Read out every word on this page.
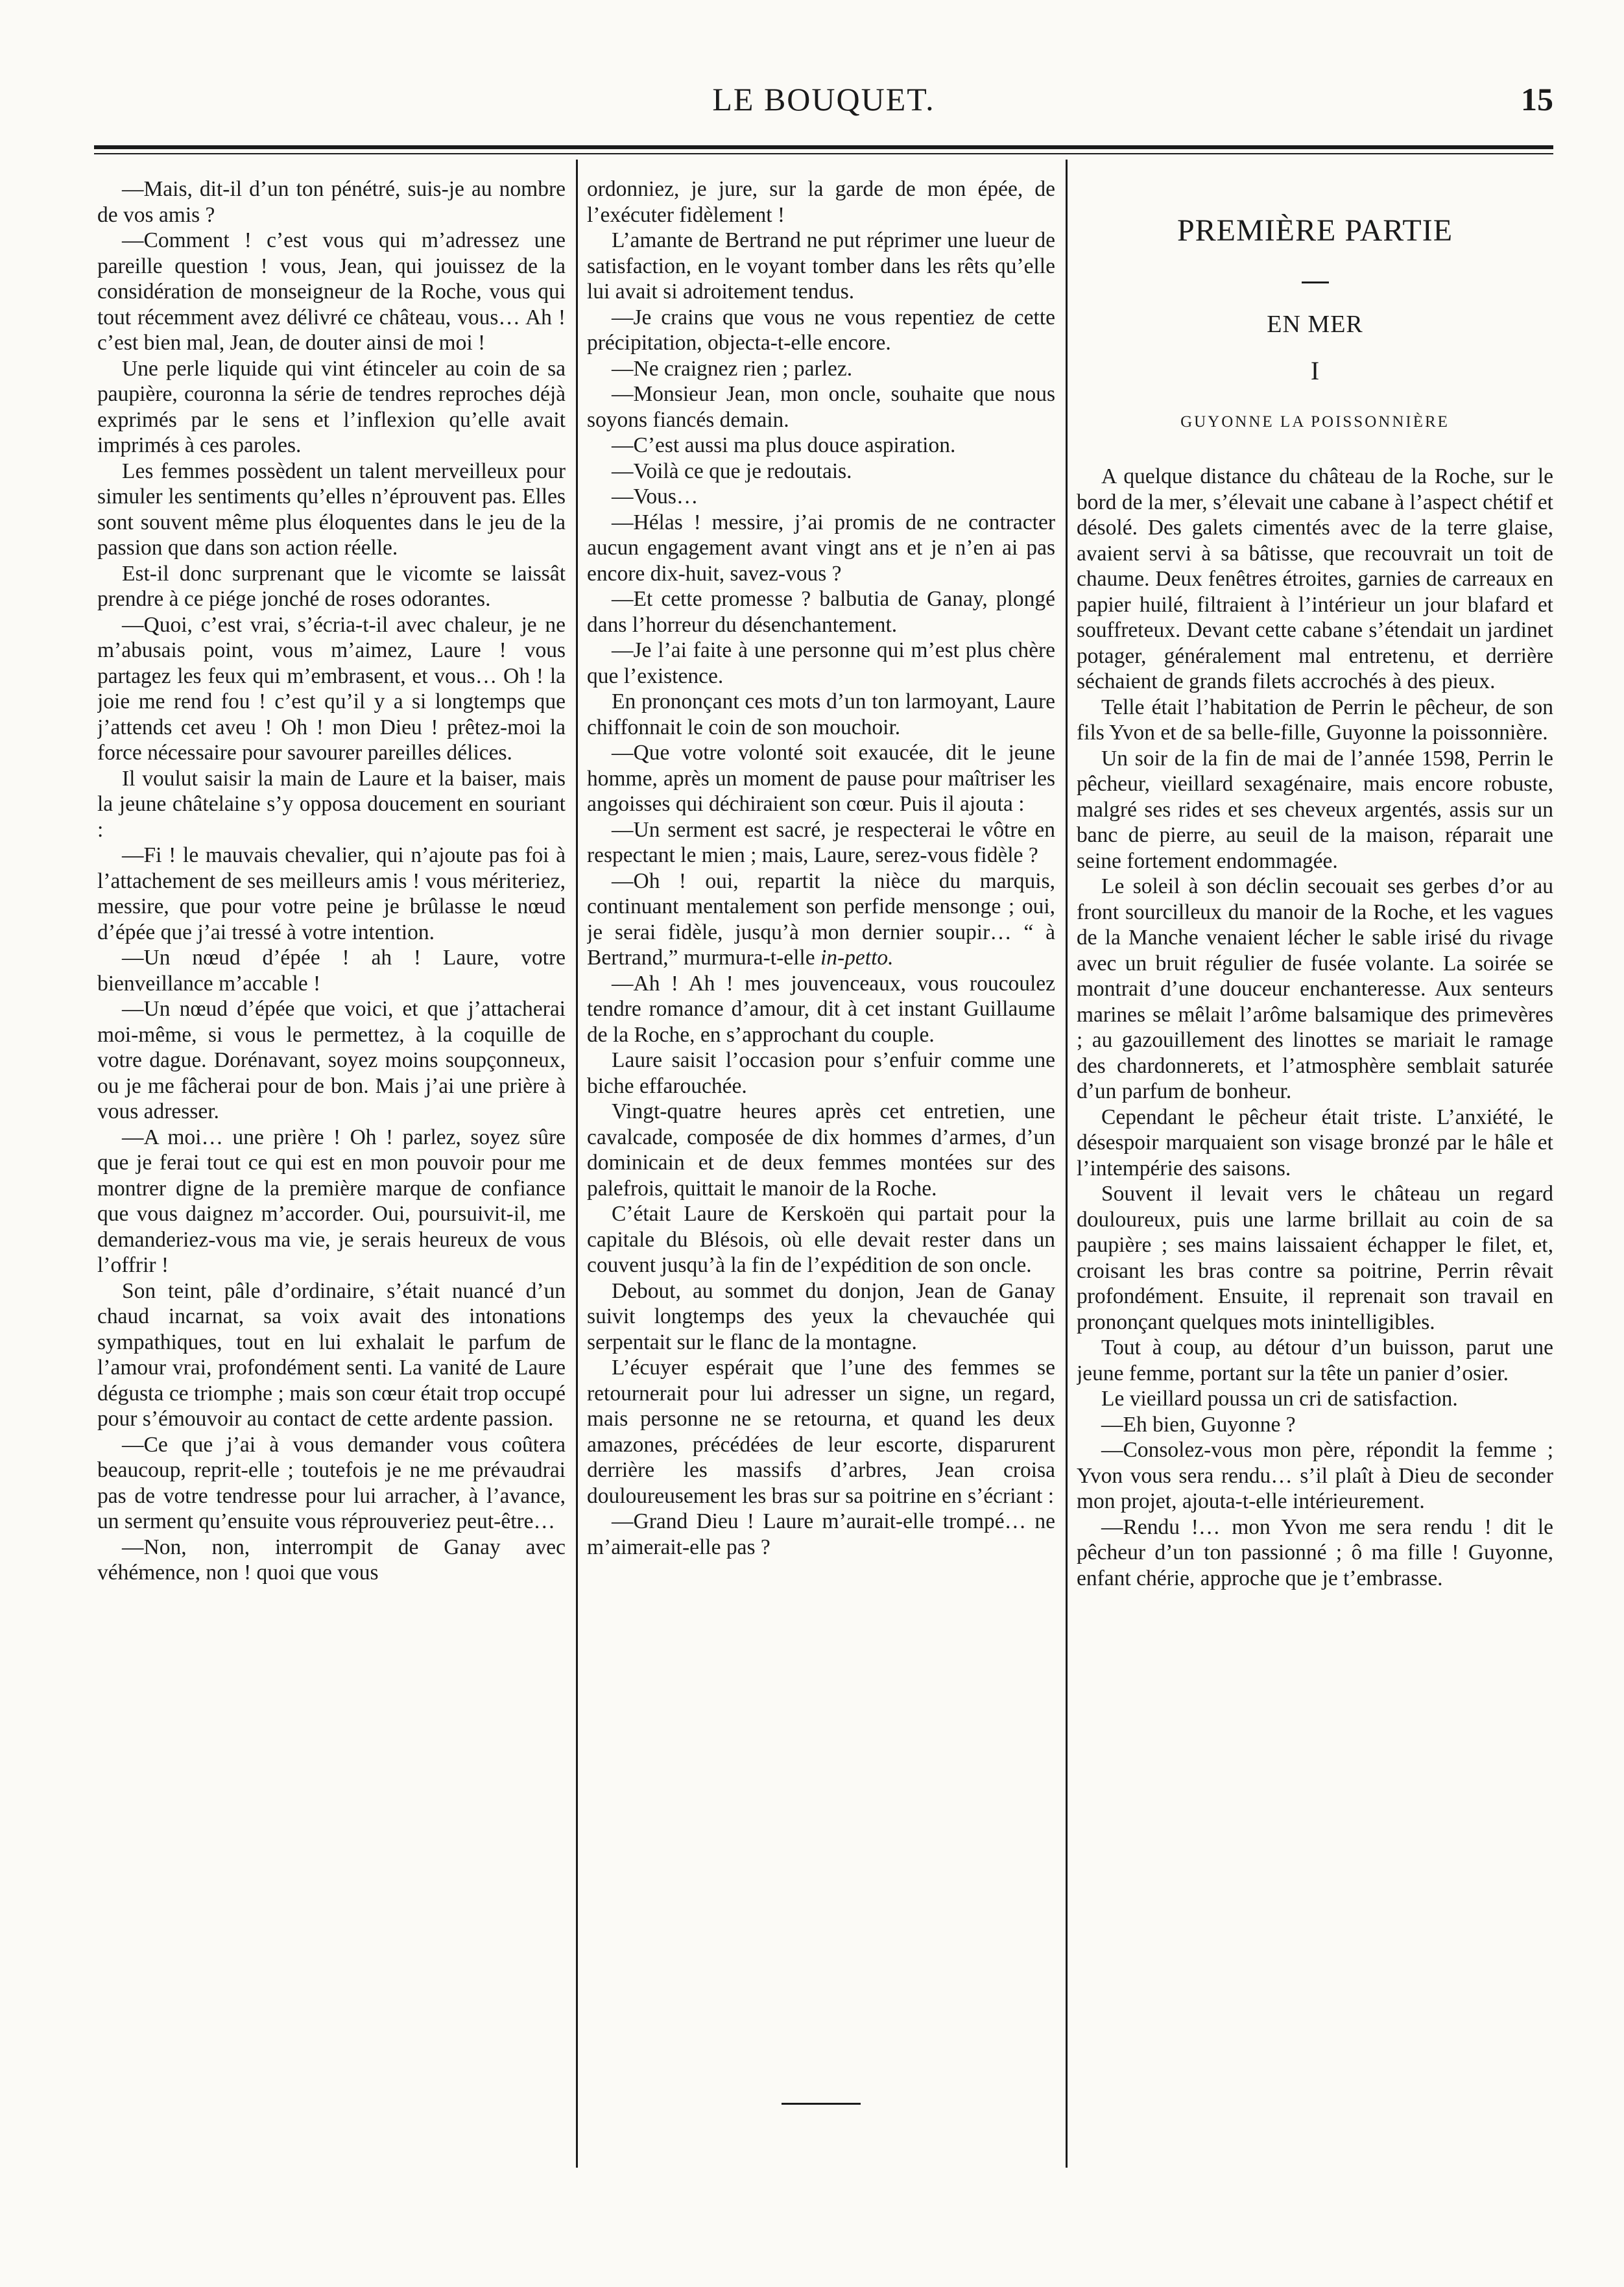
LE BOUQUET.	15

—Mais, dit-il d’un ton pénétré, suis-je au nombre de vos amis ?

—Comment ! c’est vous qui m’adressez une pareille question ! vous, Jean, qui jouissez de la considération de monseigneur de la Roche, vous qui tout récemment avez délivré ce château, vous… Ah ! c’est bien mal, Jean, de douter ainsi de moi !

Une perle liquide qui vint étinceler au coin de sa paupière, couronna la série de tendres reproches déjà exprimés par le sens et l’inflexion qu’elle avait imprimés à ces paroles.

Les femmes possèdent un talent merveilleux pour simuler les sentiments qu’elles n’éprouvent pas. Elles sont souvent même plus éloquentes dans le jeu de la passion que dans son action réelle.

Est-il donc surprenant que le vicomte se laissât prendre à ce piége jonché de roses odorantes.

—Quoi, c’est vrai, s’écria-t-il avec chaleur, je ne m’abusais point, vous m’aimez, Laure ! vous partagez les feux qui m’embrasent, et vous… Oh ! la joie me rend fou ! c’est qu’il y a si longtemps que j’attends cet aveu ! Oh ! mon Dieu ! prêtez-moi la force nécessaire pour savourer pareilles délices.

Il voulut saisir la main de Laure et la baiser, mais la jeune châtelaine s’y opposa doucement en souriant :

—Fi ! le mauvais chevalier, qui n’ajoute pas foi à l’attachement de ses meilleurs amis ! vous mériteriez, messire, que pour votre peine je brûlasse le nœud d’épée que j’ai tressé à votre intention.

—Un nœud d’épée ! ah ! Laure, votre bienveillance m’accable !

—Un nœud d’épée que voici, et que j’attacherai moi-même, si vous le permettez, à la coquille de votre dague. Dorénavant, soyez moins soupçonneux, ou je me fâcherai pour de bon. Mais j’ai une prière à vous adresser.

—A moi… une prière ! Oh ! parlez, soyez sûre que je ferai tout ce qui est en mon pouvoir pour me montrer digne de la première marque de confiance que vous daignez m’accorder. Oui, poursuivit-il, me demanderiez-vous ma vie, je serais heureux de vous l’offrir !

Son teint, pâle d’ordinaire, s’était nuancé d’un chaud incarnat, sa voix avait des intonations sympathiques, tout en lui exhalait le parfum de l’amour vrai, profondément senti. La vanité de Laure dégusta ce triomphe ; mais son cœur était trop occupé pour s’émouvoir au contact de cette ardente passion.

—Ce que j’ai à vous demander vous coûtera beaucoup, reprit-elle ; toutefois je ne me prévaudrai pas de votre tendresse pour lui arracher, à l’avance, un serment qu’ensuite vous réprouveriez peut-être…

—Non, non, interrompit de Ganay avec véhémence, non ! quoi que vous

ordonniez, je jure, sur la garde de mon épée, de l’exécuter fidèlement !

L’amante de Bertrand ne put réprimer une lueur de satisfaction, en le voyant tomber dans les rêts qu’elle lui avait si adroitement tendus.

—Je crains que vous ne vous repentiez de cette précipitation, objecta-t-elle encore.

—Ne craignez rien ; parlez.

—Monsieur Jean, mon oncle, souhaite que nous soyons fiancés demain.

—C’est aussi ma plus douce aspiration.

—Voilà ce que je redoutais.

—Vous…

—Hélas ! messire, j’ai promis de ne contracter aucun engagement avant vingt ans et je n’en ai pas encore dix-huit, savez-vous ?

—Et cette promesse ? balbutia de Ganay, plongé dans l’horreur du désenchantement.

—Je l’ai faite à une personne qui m’est plus chère que l’existence.

En prononçant ces mots d’un ton larmoyant, Laure chiffonnait le coin de son mouchoir.

—Que votre volonté soit exaucée, dit le jeune homme, après un moment de pause pour maîtriser les angoisses qui déchiraient son cœur. Puis il ajouta :

—Un serment est sacré, je respecterai le vôtre en respectant le mien ; mais, Laure, serez-vous fidèle ?

—Oh ! oui, repartit la nièce du marquis, continuant mentalement son perfide mensonge ; oui, je serai fidèle, jusqu’à mon dernier soupir… “ à Bertrand,” murmura-t-elle in-petto.

—Ah ! Ah ! mes jouvenceaux, vous roucoulez tendre romance d’amour, dit à cet instant Guillaume de la Roche, en s’approchant du couple.

Laure saisit l’occasion pour s’enfuir comme une biche effarouchée.

Vingt-quatre heures après cet entretien, une cavalcade, composée de dix hommes d’armes, d’un dominicain et de deux femmes montées sur des palefrois, quittait le manoir de la Roche.

C’était Laure de Kerskoën qui partait pour la capitale du Blésois, où elle devait rester dans un couvent jusqu’à la fin de l’expédition de son oncle.

Debout, au sommet du donjon, Jean de Ganay suivit longtemps des yeux la chevauchée qui serpentait sur le flanc de la montagne.

L’écuyer espérait que l’une des femmes se retournerait pour lui adresser un signe, un regard, mais personne ne se retourna, et quand les deux amazones, précédées de leur escorte, disparurent derrière les massifs d’arbres, Jean croisa douloureusement les bras sur sa poitrine en s’écriant :

—Grand Dieu ! Laure m’aurait-elle trompé… ne m’aimerait-elle pas ?

PREMIÈRE PARTIE
EN MER
I
GUYONNE LA POISSONNIÈRE

A quelque distance du château de la Roche, sur le bord de la mer, s’élevait une cabane à l’aspect chétif et désolé. Des galets cimentés avec de la terre glaise, avaient servi à sa bâtisse, que recouvrait un toit de chaume. Deux fenêtres étroites, garnies de carreaux en papier huilé, filtraient à l’intérieur un jour blafard et souffreteux. Devant cette cabane s’étendait un jardinet potager, généralement mal entretenu, et derrière séchaient de grands filets accrochés à des pieux.

Telle était l’habitation de Perrin le pêcheur, de son fils Yvon et de sa belle-fille, Guyonne la poissonnière.

Un soir de la fin de mai de l’année 1598, Perrin le pêcheur, vieillard sexagénaire, mais encore robuste, malgré ses rides et ses cheveux argentés, assis sur un banc de pierre, au seuil de la maison, réparait une seine fortement endommagée.

Le soleil à son déclin secouait ses gerbes d’or au front sourcilleux du manoir de la Roche, et les vagues de la Manche venaient lécher le sable irisé du rivage avec un bruit régulier de fusée volante. La soirée se montrait d’une douceur enchanteresse. Aux senteurs marines se mêlait l’arôme balsamique des primevères ; au gazouillement des linottes se mariait le ramage des chardonnerets, et l’atmosphère semblait saturée d’un parfum de bonheur.

Cependant le pêcheur était triste. L’anxiété, le désespoir marquaient son visage bronzé par le hâle et l’intempérie des saisons.

Souvent il levait vers le château un regard douloureux, puis une larme brillait au coin de sa paupière ; ses mains laissaient échapper le filet, et, croisant les bras contre sa poitrine, Perrin rêvait profondément. Ensuite, il reprenait son travail en prononçant quelques mots inintelligibles.

Tout à coup, au détour d’un buisson, parut une jeune femme, portant sur la tête un panier d’osier.

Le vieillard poussa un cri de satisfaction.

—Eh bien, Guyonne ?

—Consolez-vous mon père, répondit la femme ; Yvon vous sera rendu… s’il plaît à Dieu de seconder mon projet, ajouta-t-elle intérieurement.

—Rendu !… mon Yvon me sera rendu ! dit le pêcheur d’un ton passionné ; ô ma fille ! Guyonne, enfant chérie, approche que je t’embrasse.
